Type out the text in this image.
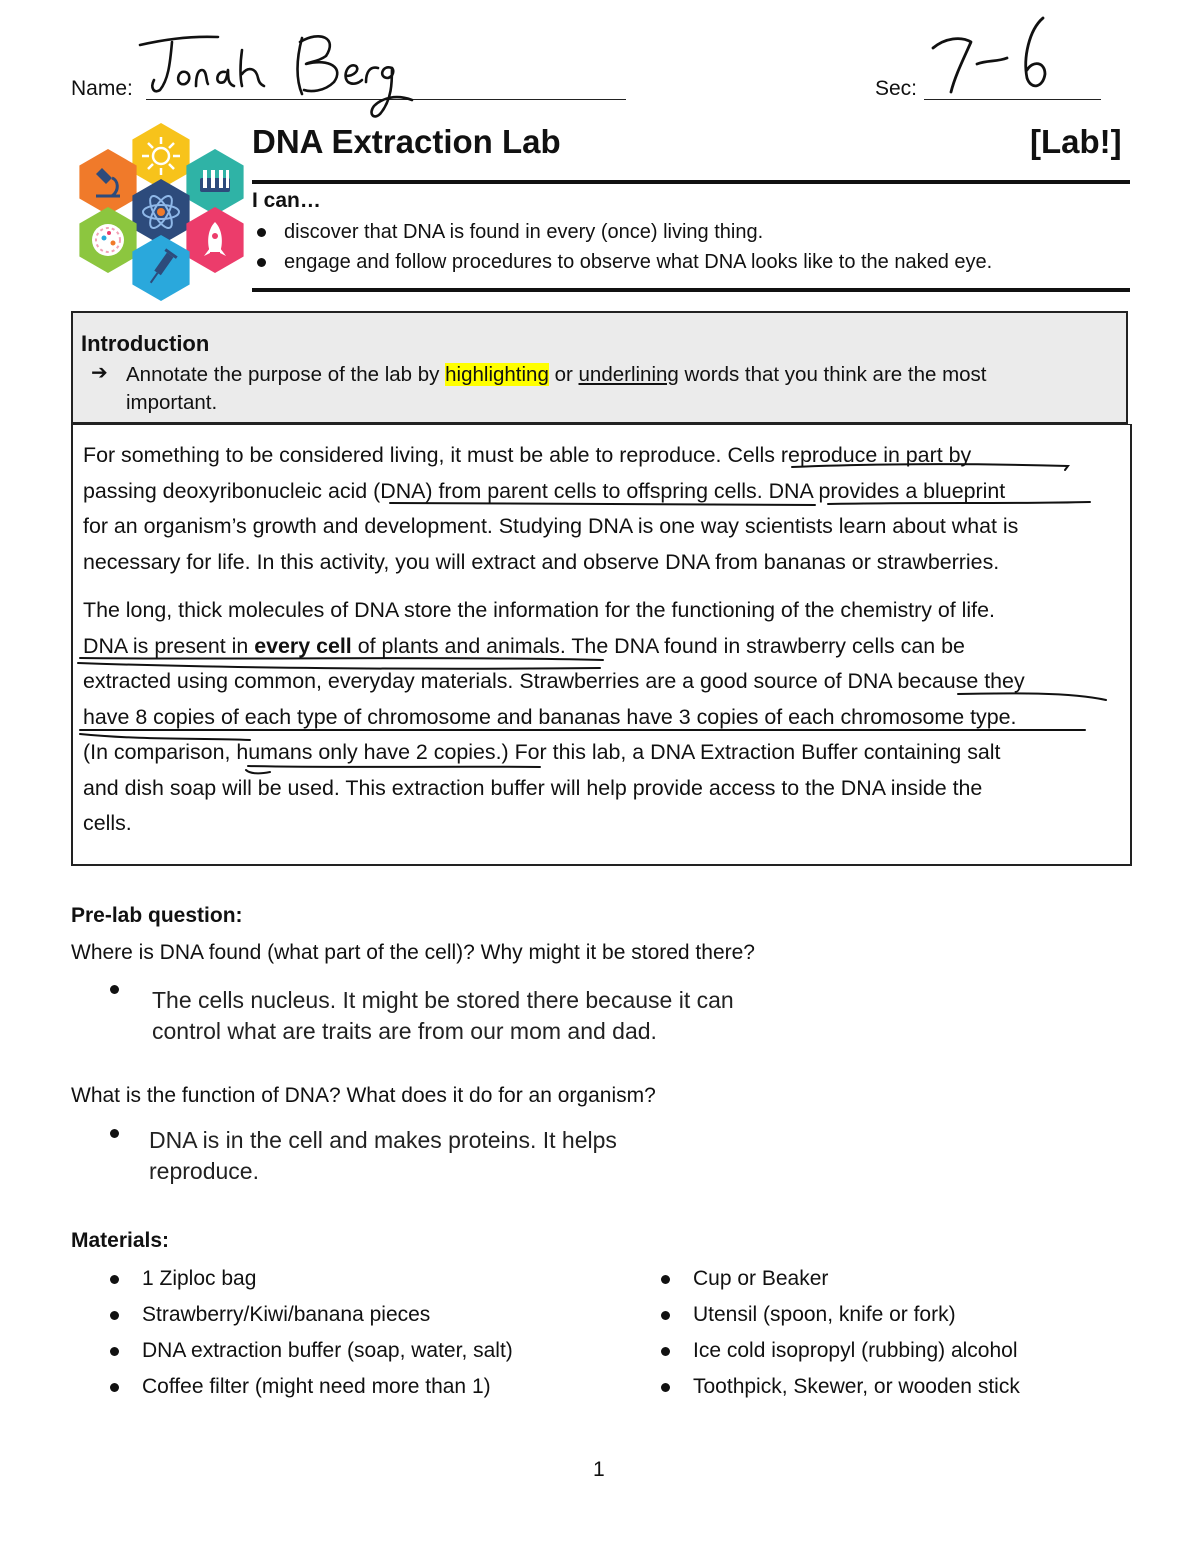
Name:	Sec:
DNA Extraction Lab	[Lab!]
I can…
discover that DNA is found in every (once) living thing.
engage and follow procedures to observe what DNA looks like to the naked eye.
Introduction
➔ Annotate the purpose of the lab by highlighting or underlining words that you think are the most
important.

For something to be considered living, it must be able to reproduce. Cells reproduce in part by

passing deoxyribonucleic acid (DNA) from parent cells to offspring cells. DNA provides a blueprint

for an organism’s growth and development. Studying DNA is one way scientists learn about what is

necessary for life. In this activity, you will extract and observe DNA from bananas or strawberries.

The long, thick molecules of DNA store the information for the functioning of the chemistry of life.

DNA is present in every cell of plants and animals. The DNA found in strawberry cells can be

extracted using common, everyday materials. Strawberries are a good source of DNA because they

have 8 copies of each type of chromosome and bananas have 3 copies of each chromosome type.

(In comparison, humans only have 2 copies.) For this lab, a DNA Extraction Buffer containing salt

and dish soap will be used. This extraction buffer will help provide access to the DNA inside the

cells.

Pre-lab question:
Where is DNA found (what part of the cell)? Why might it be stored there?
The cells nucleus. It might be stored there because it can
control what are traits are from our mom and dad.
What is the function of DNA? What does it do for an organism?
DNA is in the cell and makes proteins. It helps
reproduce.
Materials:
1 Ziploc bag
Strawberry/Kiwi/banana pieces
DNA extraction buffer (soap, water, salt)
Coffee filter (might need more than 1)
Cup or Beaker
Utensil (spoon, knife or fork)
Ice cold isopropyl (rubbing) alcohol
Toothpick, Skewer, or wooden stick
1
